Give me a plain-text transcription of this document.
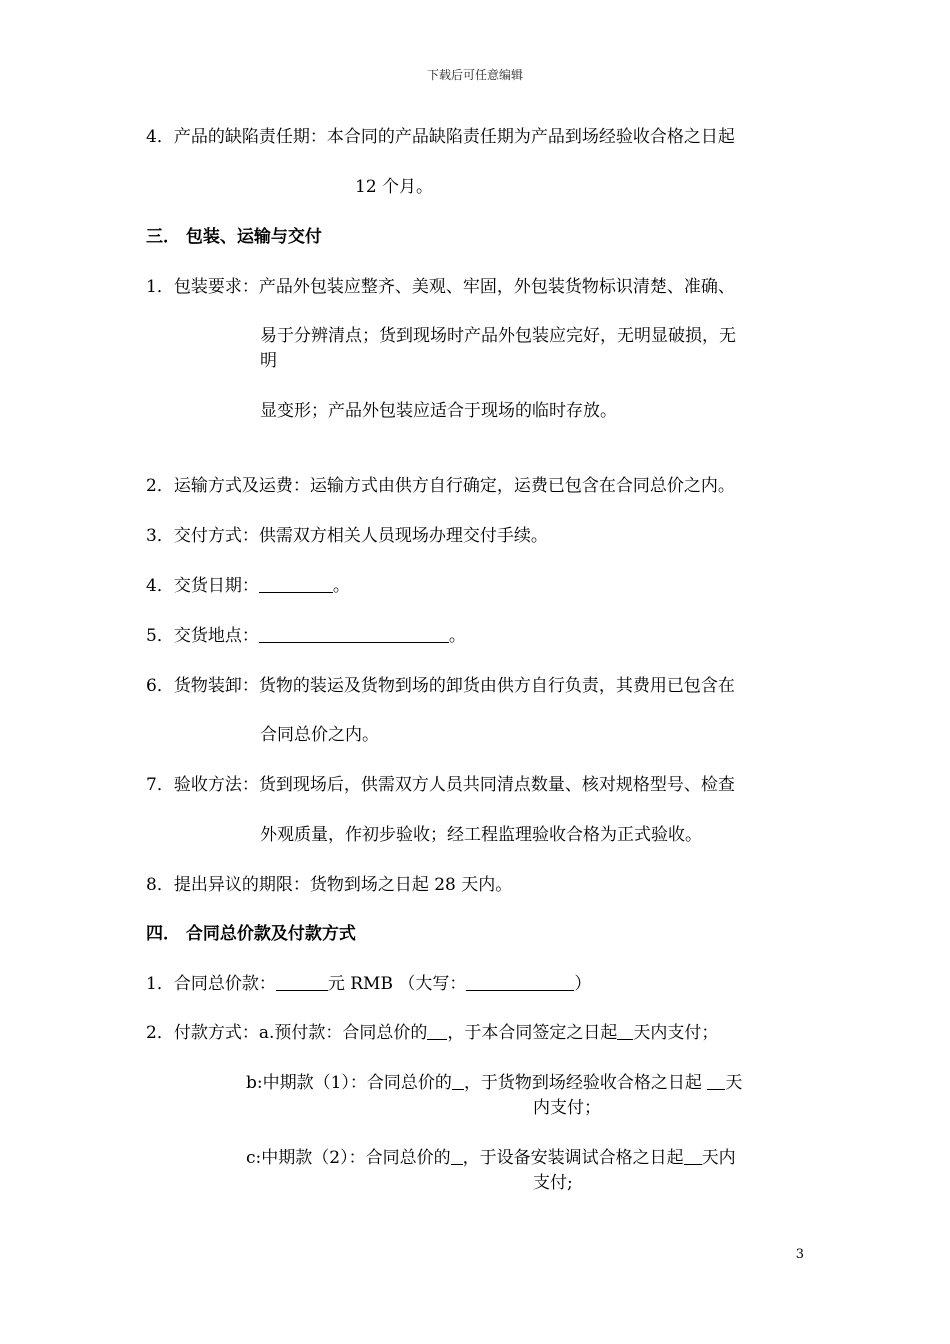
下载后可任意编辑
4．产品的缺陷责任期：本合同的产品缺陷责任期为产品到场经验收合格之日起
12 个月。
三． 包装、运输与交付
1．包装要求：产品外包装应整齐、美观、牢固，外包装货物标识清楚、准确、
易于分辨清点；货到现场时产品外包装应完好，无明显破损，无
明
显变形；产品外包装应适合于现场的临时存放。
2．运输方式及运费：运输方式由供方自行确定，运费已包含在合同总价之内。
3．交付方式：供需双方相关人员现场办理交付手续。
4．交货日期：	。
5．交货地点：	。
6．货物装卸：货物的装运及货物到场的卸货由供方自行负责，其费用已包含在
合同总价之内。
7．验收方法：货到现场后，供需双方人员共同清点数量、核对规格型号、检查
外观质量，作初步验收；经工程监理验收合格为正式验收。
8．提出异议的期限：货物到场之日起 28 天内。
四． 合同总价款及付款方式
1．合同总价款：	元 RMB （大写：	）
2．付款方式：a.预付款：合同总价的 ，于本合同签定之日起 天内支付；
b:中期款（1）：合同总价的 ，于货物到场经验收合格之日起 天
内支付；
c:中期款（2）：合同总价的 ，于设备安装调试合格之日起 天内
支付;
3
